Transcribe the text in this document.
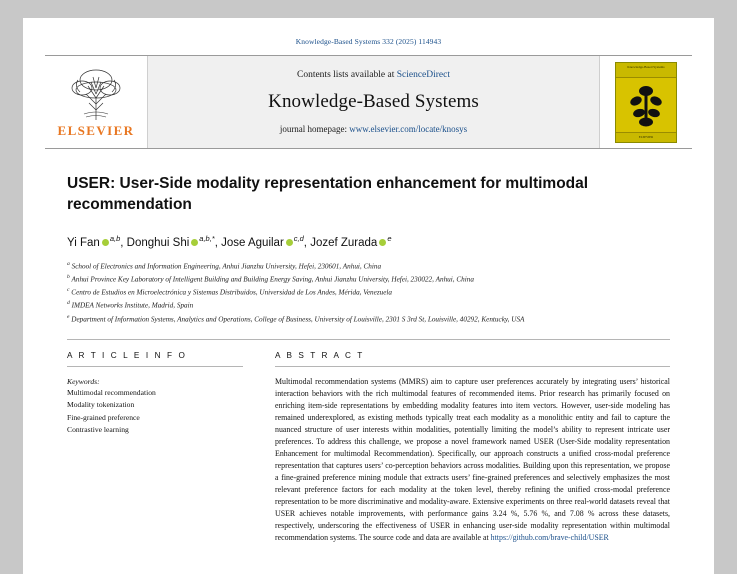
Knowledge-Based Systems 332 (2025) 114943
ELSEVIER
Contents lists available at ScienceDirect
Knowledge-Based Systems
journal homepage: www.elsevier.com/locate/knosys
Knowledge-Based Systems
ELSEVIER
USER: User-Side modality representation enhancement for multimodal recommendation
Yi Fan $^{a,b}$, Donghui Shi $^{a,b,*}$, Jose Aguilar $^{c,d}$, Jozef Zurada $^e$
$^a$ School of Electronics and Information Engineering, Anhui Jianzhu University, Hefei, 230601, Anhui, China
$^b$ Anhui Province Key Laboratory of Intelligent Building and Building Energy Saving, Anhui Jianzhu University, Hefei, 230022, Anhui, China
$^c$ Centro de Estudios en Microelectrónica y Sistemas Distribuidos, Universidad de Los Andes, Mérida, Venezuela
$^d$ IMDEA Networks Institute, Madrid, Spain
$^e$ Department of Information Systems, Analytics and Operations, College of Business, University of Louisville, 2301 S 3rd St, Louisville, 40292, Kentucky, USA
A R T I C L E I N F O
Keywords:
Multimodal recommendation
Modality tokenization
Fine-grained preference
Contrastive learning
A B S T R A C T
Multimodal recommendation systems (MMRS) aim to capture user preferences accurately by integrating users’ historical interaction behaviors with the rich multimodal features of recommended items. Prior research has primarily focused on enriching item-side representations by embedding modality features into item vectors. However, user-side modeling has remained underexplored, as existing methods typically treat each modality as a monolithic entity and fail to capture the nuanced structure of user interests within modalities, potentially limiting the model’s ability to represent intricate user preferences. To address this challenge, we propose a novel framework named USER (User-Side modality representation Enhancement for multimodal Recommendation). Specifically, our approach constructs a unified cross-modal preference representation that captures users’ co-perception behaviors across modalities. Building upon this representation, we propose a fine-grained preference mining module that extracts users’ fine-grained preferences and selectively emphasizes the most relevant preference factors for each modality at the token level, thereby refining the unified cross-modal preference representation to be more discriminative and modality-aware. Extensive experiments on three real-world datasets reveal that USER achieves notable improvements, with performance gains 3.24 %, 5.76 %, and 7.08 % across these datasets, respectively, underscoring the effectiveness of USER in enhancing user-side modality representation within multimodal recommendation systems. The source code and data are available at https://github.com/brave-child/USER
